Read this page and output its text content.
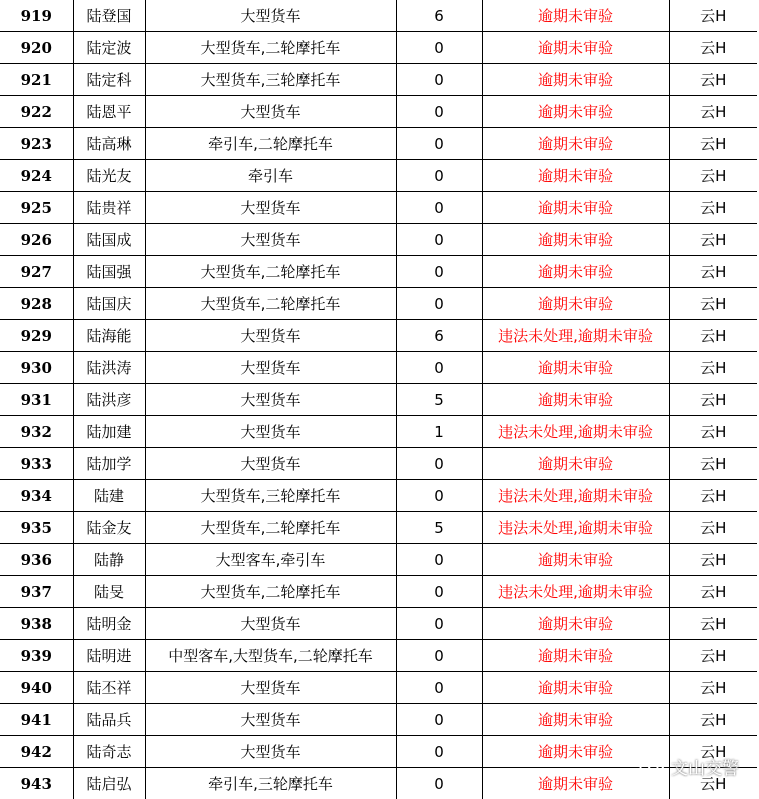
919	陆登国	大型货车	6	逾期未审验	云H
920	陆定波	大型货车,二轮摩托车	0	逾期未审验	云H
921	陆定科	大型货车,三轮摩托车	0	逾期未审验	云H
922	陆恩平	大型货车	0	逾期未审验	云H
923	陆高琳	牵引车,二轮摩托车	0	逾期未审验	云H
924	陆光友	牵引车	0	逾期未审验	云H
925	陆贵祥	大型货车	0	逾期未审验	云H
926	陆国成	大型货车	0	逾期未审验	云H
927	陆国强	大型货车,二轮摩托车	0	逾期未审验	云H
928	陆国庆	大型货车,二轮摩托车	0	逾期未审验	云H
929	陆海能	大型货车	6	违法未处理,逾期未审验	云H
930	陆洪涛	大型货车	0	逾期未审验	云H
931	陆洪彦	大型货车	5	逾期未审验	云H
932	陆加建	大型货车	1	违法未处理,逾期未审验	云H
933	陆加学	大型货车	0	逾期未审验	云H
934	陆建	大型货车,三轮摩托车	0	违法未处理,逾期未审验	云H
935	陆金友	大型货车,二轮摩托车	5	违法未处理,逾期未审验	云H
936	陆静	大型客车,牵引车	0	逾期未审验	云H
937	陆旻	大型货车,二轮摩托车	0	违法未处理,逾期未审验	云H
938	陆明金	大型货车	0	逾期未审验	云H
939	陆明进	中型客车,大型货车,二轮摩托车	0	逾期未审验	云H
940	陆丕祥	大型货车	0	逾期未审验	云H
941	陆品兵	大型货车	0	逾期未审验	云H
942	陆奇志	大型货车	0	逾期未审验	云H
943	陆启弘	牵引车,三轮摩托车	0	逾期未审验	云H
文山交警
